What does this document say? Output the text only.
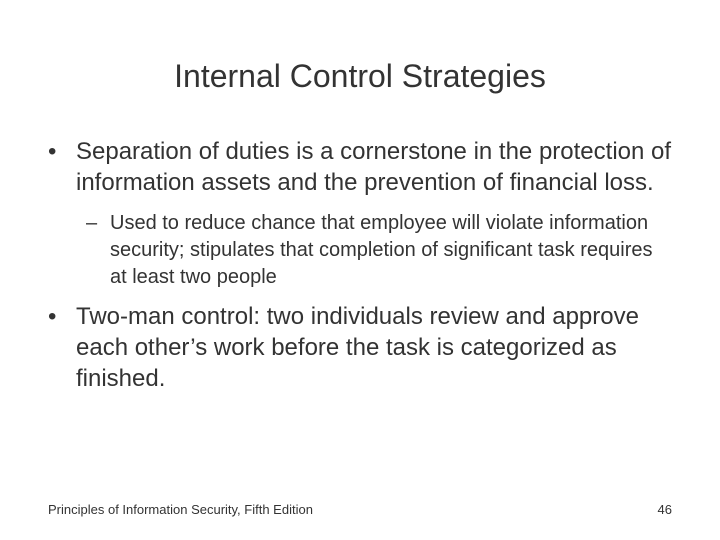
Internal Control Strategies
• Separation of duties is a cornerstone in the protection of information assets and the prevention of financial loss.
– Used to reduce chance that employee will violate information security; stipulates that completion of significant task requires at least two people
• Two-man control: two individuals review and approve each other’s work before the task is categorized as finished.
Principles of Information Security, Fifth Edition	46
